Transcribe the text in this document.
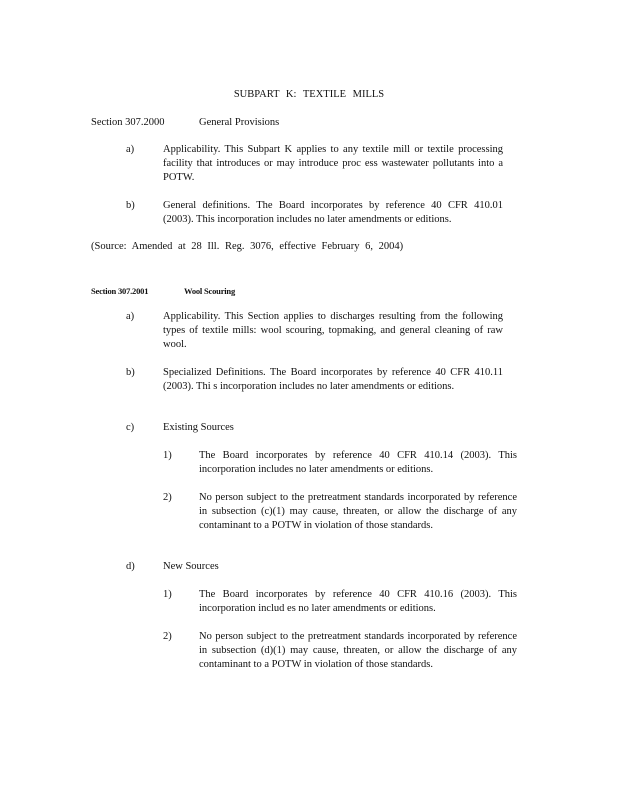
SUBPART K: TEXTILE MILLS

Section 307.2000	General Provisions

a)	Applicability. This Subpart K applies to any textile mill or textile processing facility that introduces or may introduce proc ess wastewater pollutants into a POTW.

b)	General definitions. The Board incorporates by reference 40 CFR 410.01 (2003). This incorporation includes no later amendments or editions.

(Source: Amended at 28 Ill. Reg. 3076, effective February 6, 2004)

Section 307.2001	Wool Scouring

a)	Applicability. This Section applies to discharges resulting from the following types of textile mills: wool scouring, topmaking, and general cleaning of raw wool.

b)	Specialized Definitions. The Board incorporates by reference 40 CFR 410.11 (2003). Thi s incorporation includes no later amendments or editions.

c)	Existing Sources

1)	The Board incorporates by reference 40 CFR 410.14 (2003). This incorporation includes no later amendments or editions.

2)	No person subject to the pretreatment standards incorporated by reference in subsection (c)(1) may cause, threaten, or allow the discharge of any contaminant to a POTW in violation of those standards.

d)	New Sources

1)	The Board incorporates by reference 40 CFR 410.16 (2003). This incorporation includ es no later amendments or editions.

2)	No person subject to the pretreatment standards incorporated by reference in subsection (d)(1) may cause, threaten, or allow the discharge of any contaminant to a POTW in violation of those standards.
